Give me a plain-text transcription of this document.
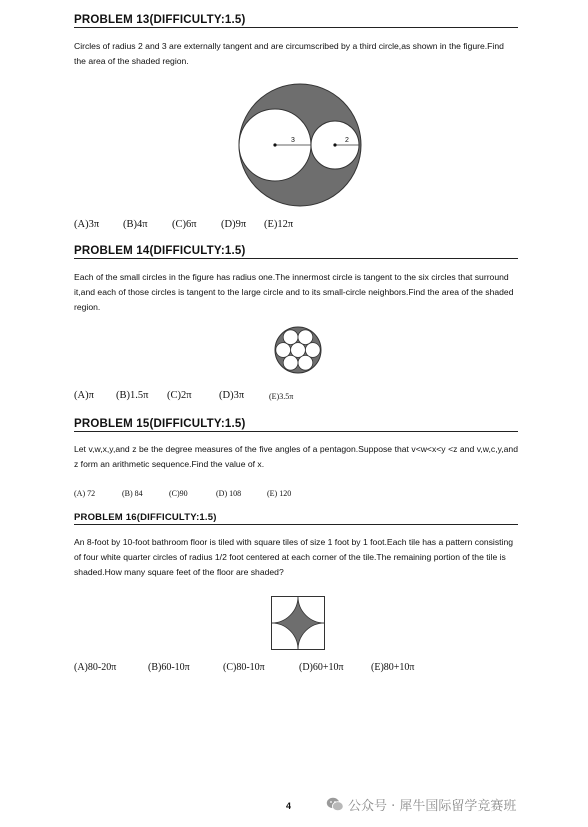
PROBLEM 13(DIFFICULTY:1.5)
Circles of radius 2 and 3 are externally tangent and are circumscribed by a third circle,as shown in the figure.Find the area of the shaded region.
3	2
(A)3π (B)4π (C)6π (D)9π (E)12π
PROBLEM 14(DIFFICULTY:1.5)
Each of the small circles in the figure has radius one.The innermost circle is tangent to the six circles that surround it,and each of those circles is tangent to the large circle and to its small-circle neighbors.Find the area of the shaded region.
(A)π (B)1.5π (C)2π	(D)3π	(E)3.5π
PROBLEM 15(DIFFICULTY:1.5)
Let v,w,x,y,and z be the degree measures of the five angles of a pentagon.Suppose that v<w<x<y <z and v,w,c,y,and z form an arithmetic sequence.Find the value of x.
(A) 72	(B) 84	(C)90	(D) 108	(E) 120
PROBLEM 16(DIFFICULTY:1.5)
An 8-foot by 10-foot bathroom floor is tiled with square tiles of size 1 foot by 1 foot.Each tile has a pattern consisting of four white quarter circles of radius 1/2 foot centered at each corner of the tile.The remaining portion of the tile is shaded.How many square feet of the floor are shaded?
(A)80-20π	(B)60-10π	(C)80-10π	(D)60+10π	(E)80+10π
4	公众号 · 犀牛国际留学竞赛班
